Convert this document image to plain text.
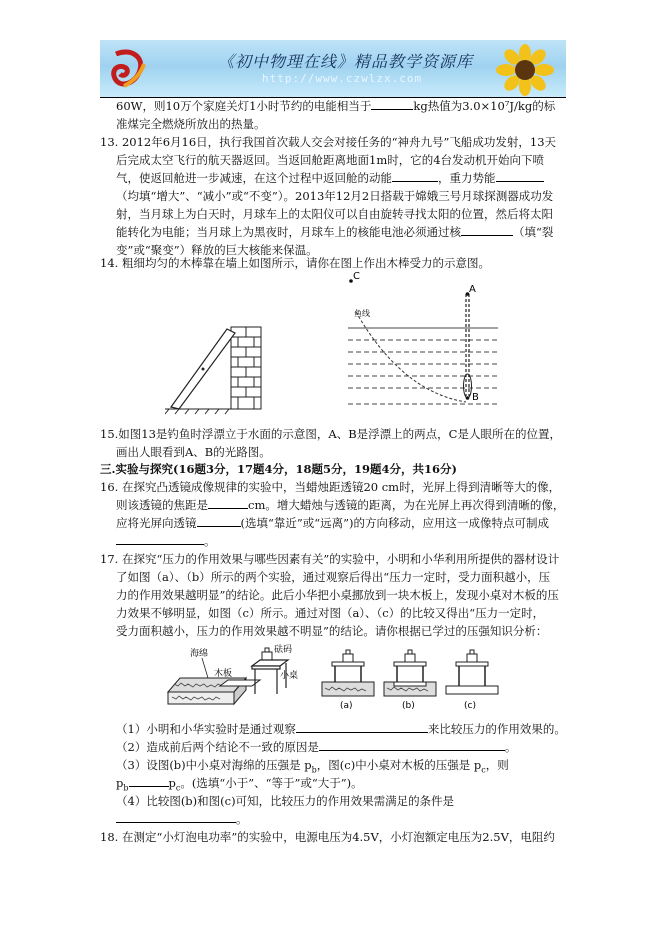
《初中物理在线》精品教学资源库
http://www.czwlzx.com
60W，则10万个家庭关灯1小时节约的电能相当于	kg热值为3.0×10⁷J/kg的标
准煤完全燃烧所放出的热量。
13. 2012年6月16日，执行我国首次载人交会对接任务的“神舟九号”飞船成功发射，13天
后完成太空飞行的航天器返回。当返回舱距离地面1m时，它的4台发动机开始向下喷
气，使返回舱进一步减速，在这个过程中返回舱的动能	，重力势能
（均填“增大”、“减小”或“不变”）。2013年12月2日搭载于嫦娥三号月球探测器成功发
射，当月球上为白天时，月球车上的太阳仪可以自由旋转寻找太阳的位置，然后将太阳
能转化为电能；当月球上为黑夜时，月球车上的核能电池必须通过核	（填“裂
变”或“聚变”）释放的巨大核能来保温。
14. 粗细均匀的木棒靠在墙上如图所示，请你在图上作出木棒受力的示意图。
C
鱼线
A
B
15.如图13是钓鱼时浮漂立于水面的示意图，A、B是浮漂上的两点，C是人眼所在的位置，
画出人眼看到A、B的光路图。
三.实验与探究(16题3分，17题4分，18题5分，19题4分，共16分)
16. 在探究凸透镜成像规律的实验中，当蜡烛距透镜20 cm时，光屏上得到清晰等大的像，
则该透镜的焦距是	cm。增大蜡烛与透镜的距离，为在光屏上再次得到清晰的像，
应将光屏向透镜	(选填“靠近”或“远离”)的方向移动，应用这一成像特点可制成
。
17. 在探究“压力的作用效果与哪些因素有关”的实验中，小明和小华利用所提供的器材设计
了如图（a）、（b）所示的两个实验，通过观察后得出“压力一定时，受力面积越小，压
力的作用效果越明显”的结论。此后小华把小桌挪放到一块木板上，发现小桌对木板的压
力效果不够明显，如图（c）所示。通过对图（a）、（c）的比较又得出“压力一定时，
受力面积越小，压力的作用效果越不明显”的结论。请你根据已学过的压强知识分析：
海绵
木板
砝码
小桌
(a)	(b)	(c)
（1）小明和小华实验时是通过观察	来比较压力的作用效果的。
（2）造成前后两个结论不一致的原因是	。
（3）设图(b)中小桌对海绵的压强是 $p_b$，图(c)中小桌对木板的压强是 $p_c$，则
$p_b$	$p_c$。(选填“小于”、“等于”或“大于”)。
（4）比较图(b)和图(c)可知，比较压力的作用效果需满足的条件是
。
18. 在测定“小灯泡电功率”的实验中，电源电压为4.5V，小灯泡额定电压为2.5V，电阻约
